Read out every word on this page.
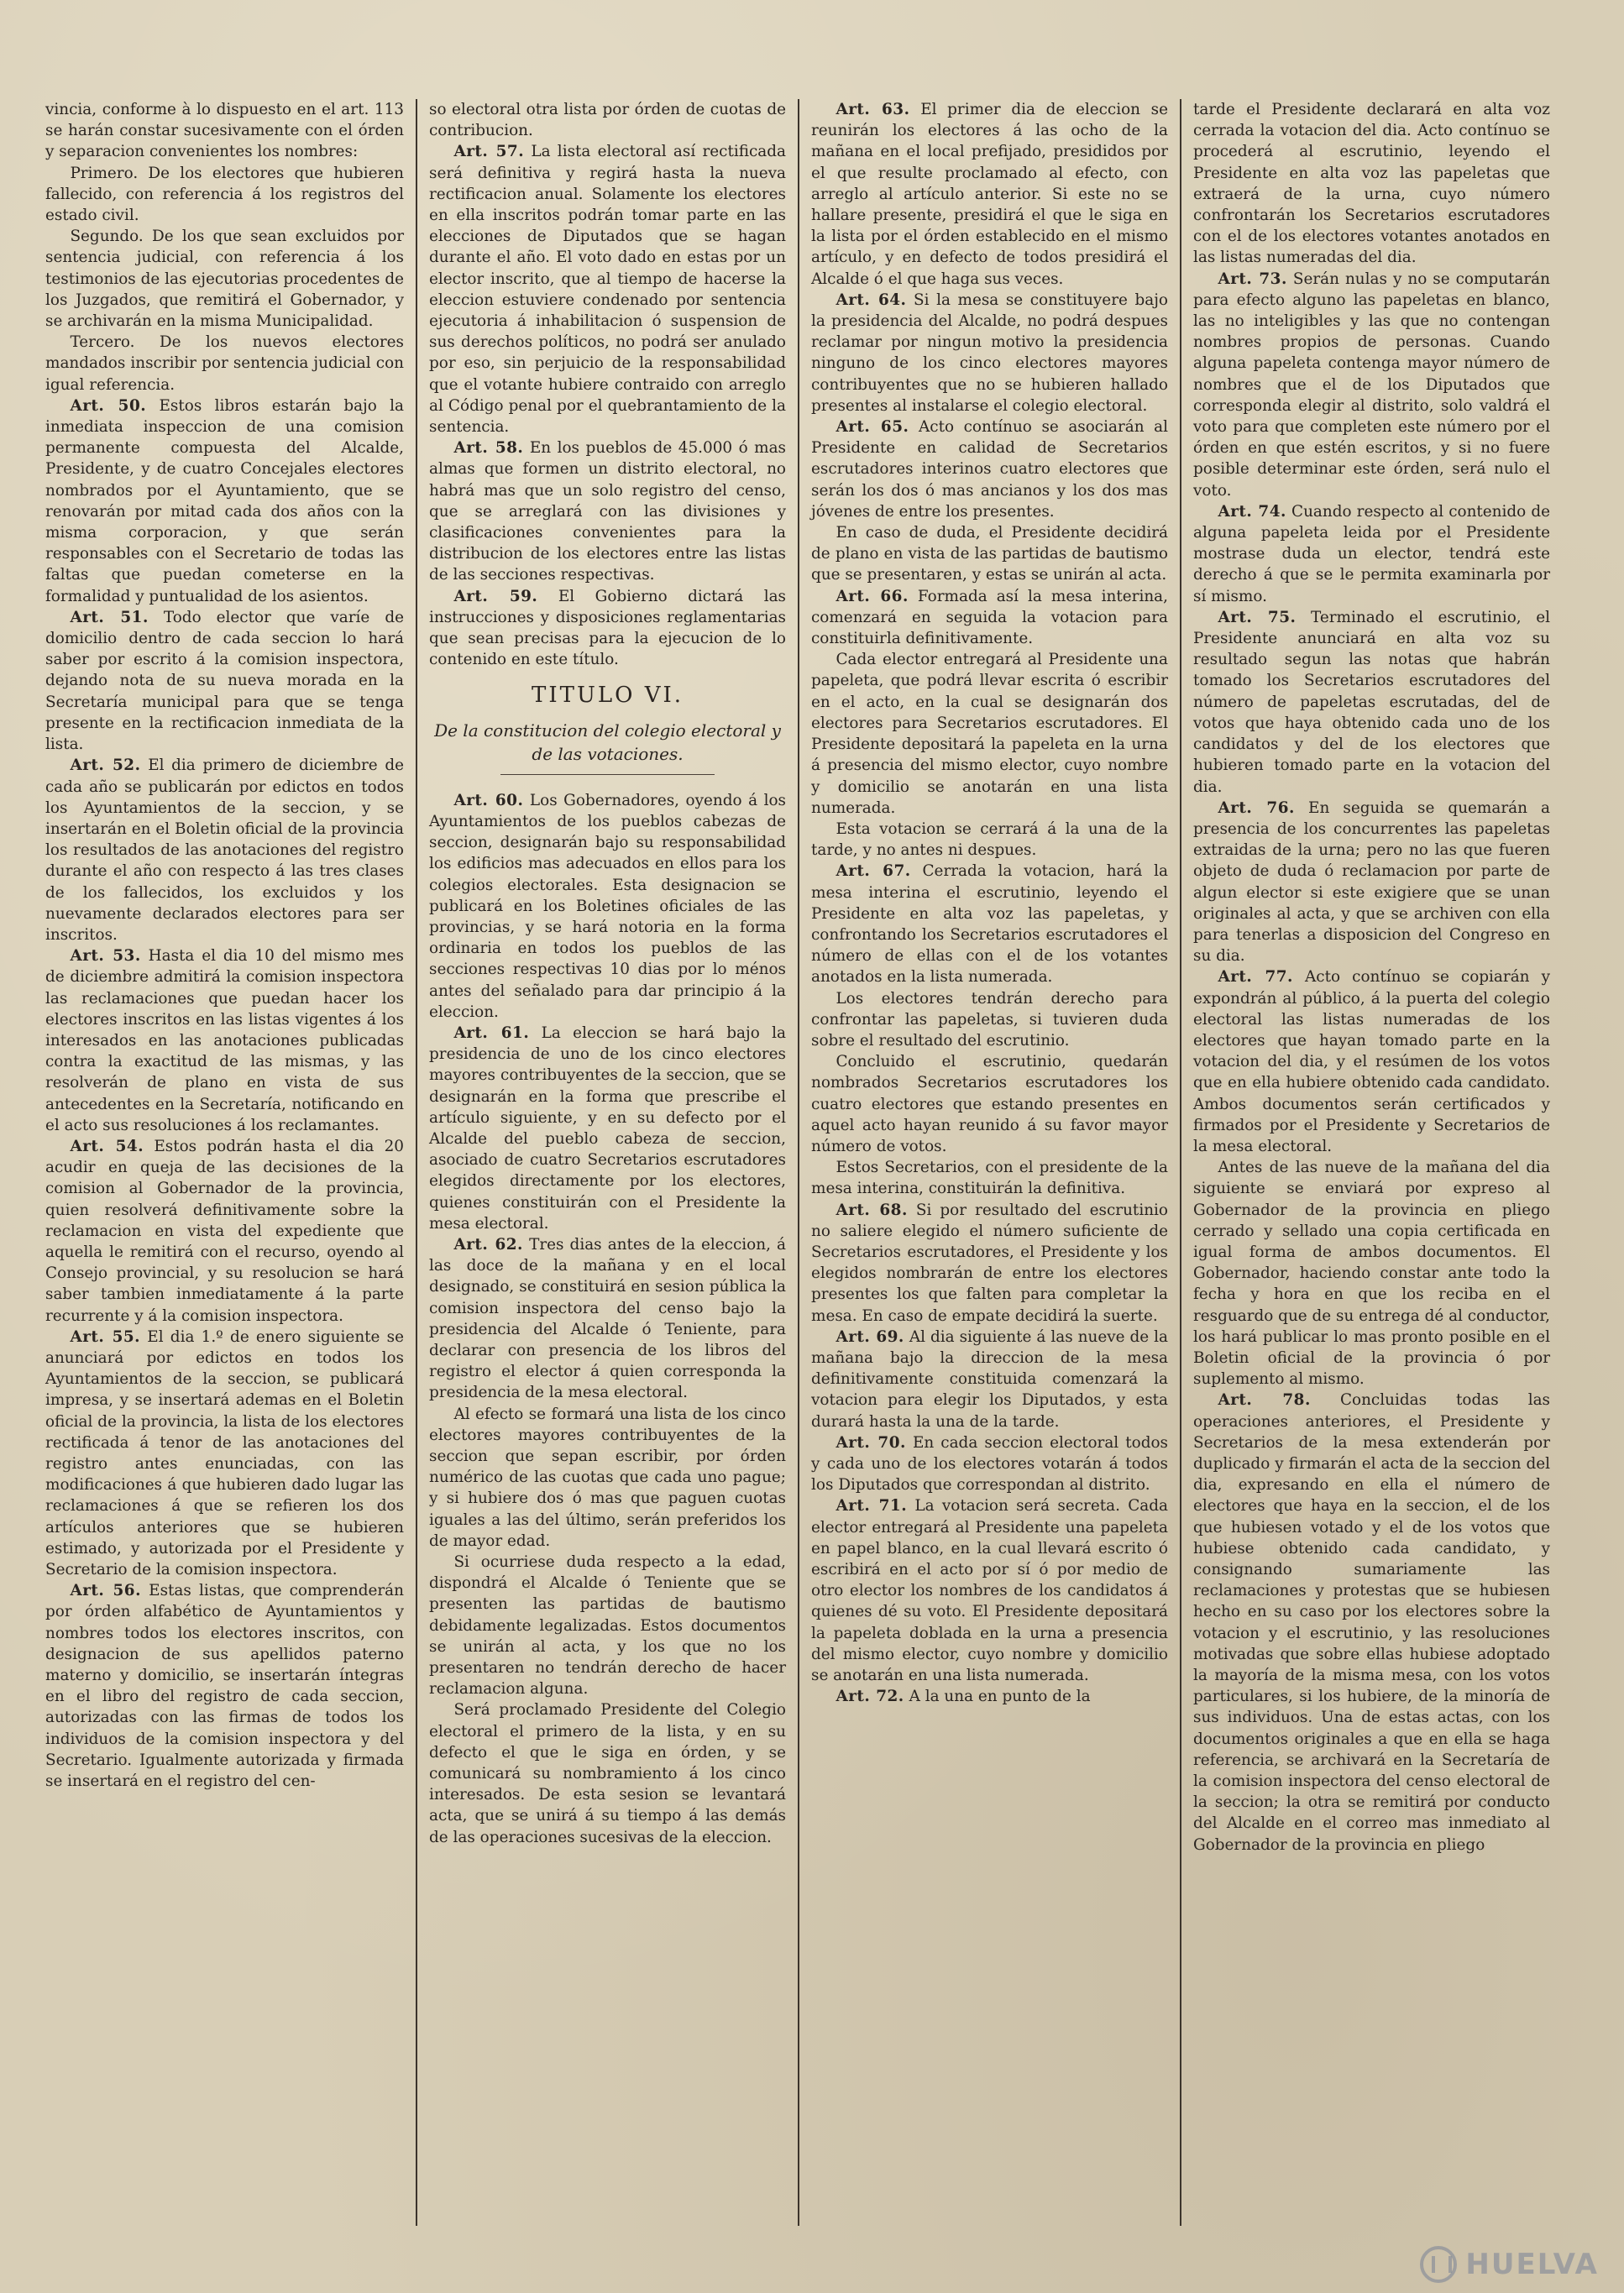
vincia, conforme à lo dispuesto en el art. 113 se harán constar sucesivamente con el órden y separacion convenientes los nombres:

Primero. De los electores que hubieren fallecido, con referencia á los registros del estado civil.

Segundo. De los que sean excluidos por sentencia judicial, con referencia á los testimonios de las ejecutorias procedentes de los Juzgados, que remitirá el Gobernador, y se archivarán en la misma Municipalidad.

Tercero. De los nuevos electores mandados inscribir por sentencia judicial con igual referencia.

Art. 50. Estos libros estarán bajo la inmediata inspeccion de una comision permanente compuesta del Alcalde, Presidente, y de cuatro Concejales electores nombrados por el Ayuntamiento, que se renovarán por mitad cada dos años con la misma corporacion, y que serán responsables con el Secretario de todas las faltas que puedan cometerse en la formalidad y puntualidad de los asientos.

Art. 51. Todo elector que varíe de domicilio dentro de cada seccion lo hará saber por escrito á la comision inspectora, dejando nota de su nueva morada en la Secretaría municipal para que se tenga presente en la rectificacion inmediata de la lista.

Art. 52. El dia primero de diciembre de cada año se publicarán por edictos en todos los Ayuntamientos de la seccion, y se insertarán en el Boletin oficial de la provincia los resultados de las anotaciones del registro durante el año con respecto á las tres clases de los fallecidos, los excluidos y los nuevamente declarados electores para ser inscritos.

Art. 53. Hasta el dia 10 del mismo mes de diciembre admitirá la comision inspectora las reclamaciones que puedan hacer los electores inscritos en las listas vigentes á los interesados en las anotaciones publicadas contra la exactitud de las mismas, y las resolverán de plano en vista de sus antecedentes en la Secretaría, notificando en el acto sus resoluciones á los reclamantes.

Art. 54. Estos podrán hasta el dia 20 acudir en queja de las decisiones de la comision al Gobernador de la provincia, quien resolverá definitivamente sobre la reclamacion en vista del expediente que aquella le remitirá con el recurso, oyendo al Consejo provincial, y su resolucion se hará saber tambien inmediatamente á la parte recurrente y á la comision inspectora.

Art. 55. El dia 1.º de enero siguiente se anunciará por edictos en todos los Ayuntamientos de la seccion, se publicará impresa, y se insertará ademas en el Boletin oficial de la provincia, la lista de los electores rectificada á tenor de las anotaciones del registro antes enunciadas, con las modificaciones á que hubieren dado lugar las reclamaciones á que se refieren los dos artículos anteriores que se hubieren estimado, y autorizada por el Presidente y Secretario de la comision inspectora.

Art. 56. Estas listas, que comprenderán por órden alfabético de Ayuntamientos y nombres todos los electores inscritos, con designacion de sus apellidos paterno materno y domicilio, se insertarán íntegras en el libro del registro de cada seccion, autorizadas con las firmas de todos los individuos de la comision inspectora y del Secretario. Igualmente autorizada y firmada se insertará en el registro del cen-

so electoral otra lista por órden de cuotas de contribucion.

Art. 57. La lista electoral así rectificada será definitiva y regirá hasta la nueva rectificacion anual. Solamente los electores en ella inscritos podrán tomar parte en las elecciones de Diputados que se hagan durante el año. El voto dado en estas por un elector inscrito, que al tiempo de hacerse la eleccion estuviere condenado por sentencia ejecutoria á inhabilitacion ó suspension de sus derechos políticos, no podrá ser anulado por eso, sin perjuicio de la responsabilidad que el votante hubiere contraido con arreglo al Código penal por el quebrantamiento de la sentencia.

Art. 58. En los pueblos de 45.000 ó mas almas que formen un distrito electoral, no habrá mas que un solo registro del censo, que se arreglará con las divisiones y clasificaciones convenientes para la distribucion de los electores entre las listas de las secciones respectivas.

Art. 59. El Gobierno dictará las instrucciones y disposiciones reglamentarias que sean precisas para la ejecucion de lo contenido en este título.

TITULO VI.
De la constitucion del colegio electoral y de las votaciones.

Art. 60. Los Gobernadores, oyendo á los Ayuntamientos de los pueblos cabezas de seccion, designarán bajo su responsabilidad los edificios mas adecuados en ellos para los colegios electorales. Esta designacion se publicará en los Boletines oficiales de las provincias, y se hará notoria en la forma ordinaria en todos los pueblos de las secciones respectivas 10 dias por lo ménos antes del señalado para dar principio á la eleccion.

Art. 61. La eleccion se hará bajo la presidencia de uno de los cinco electores mayores contribuyentes de la seccion, que se designarán en la forma que prescribe el artículo siguiente, y en su defecto por el Alcalde del pueblo cabeza de seccion, asociado de cuatro Secretarios escrutadores elegidos directamente por los electores, quienes constituirán con el Presidente la mesa electoral.

Art. 62. Tres dias antes de la eleccion, á las doce de la mañana y en el local designado, se constituirá en sesion pública la comision inspectora del censo bajo la presidencia del Alcalde ó Teniente, para declarar con presencia de los libros del registro el elector á quien corresponda la presidencia de la mesa electoral.

Al efecto se formará una lista de los cinco electores mayores contribuyentes de la seccion que sepan escribir, por órden numérico de las cuotas que cada uno pague; y si hubiere dos ó mas que paguen cuotas iguales a las del último, serán preferidos los de mayor edad.

Si ocurriese duda respecto a la edad, dispondrá el Alcalde ó Teniente que se presenten las partidas de bautismo debidamente legalizadas. Estos documentos se unirán al acta, y los que no los presentaren no tendrán derecho de hacer reclamacion alguna.

Será proclamado Presidente del Colegio electoral el primero de la lista, y en su defecto el que le siga en órden, y se comunicará su nombramiento á los cinco interesados. De esta sesion se levantará acta, que se unirá á su tiempo á las demás de las operaciones sucesivas de la eleccion.

Art. 63. El primer dia de eleccion se reunirán los electores á las ocho de la mañana en el local prefijado, presididos por el que resulte proclamado al efecto, con arreglo al artículo anterior. Si este no se hallare presente, presidirá el que le siga en la lista por el órden establecido en el mismo artículo, y en defecto de todos presidirá el Alcalde ó el que haga sus veces.

Art. 64. Si la mesa se constituyere bajo la presidencia del Alcalde, no podrá despues reclamar por ningun motivo la presidencia ninguno de los cinco electores mayores contribuyentes que no se hubieren hallado presentes al instalarse el colegio electoral.

Art. 65. Acto contínuo se asociarán al Presidente en calidad de Secretarios escrutadores interinos cuatro electores que serán los dos ó mas ancianos y los dos mas jóvenes de entre los presentes.

En caso de duda, el Presidente decidirá de plano en vista de las partidas de bautismo que se presentaren, y estas se unirán al acta.

Art. 66. Formada así la mesa interina, comenzará en seguida la votacion para constituirla definitivamente.

Cada elector entregará al Presidente una papeleta, que podrá llevar escrita ó escribir en el acto, en la cual se designarán dos electores para Secretarios escrutadores. El Presidente depositará la papeleta en la urna á presencia del mismo elector, cuyo nombre y domicilio se anotarán en una lista numerada.

Esta votacion se cerrará á la una de la tarde, y no antes ni despues.

Art. 67. Cerrada la votacion, hará la mesa interina el escrutinio, leyendo el Presidente en alta voz las papeletas, y confrontando los Secretarios escrutadores el número de ellas con el de los votantes anotados en la lista numerada.

Los electores tendrán derecho para confrontar las papeletas, si tuvieren duda sobre el resultado del escrutinio.

Concluido el escrutinio, quedarán nombrados Secretarios escrutadores los cuatro electores que estando presentes en aquel acto hayan reunido á su favor mayor número de votos.

Estos Secretarios, con el presidente de la mesa interina, constituirán la definitiva.

Art. 68. Si por resultado del escrutinio no saliere elegido el número suficiente de Secretarios escrutadores, el Presidente y los elegidos nombrarán de entre los electores presentes los que falten para completar la mesa. En caso de empate decidirá la suerte.

Art. 69. Al dia siguiente á las nueve de la mañana bajo la direccion de la mesa definitivamente constituida comenzará la votacion para elegir los Diputados, y esta durará hasta la una de la tarde.

Art. 70. En cada seccion electoral todos y cada uno de los electores votarán á todos los Diputados que correspondan al distrito.

Art. 71. La votacion será secreta. Cada elector entregará al Presidente una papeleta en papel blanco, en la cual llevará escrito ó escribirá en el acto por sí ó por medio de otro elector los nombres de los candidatos á quienes dé su voto. El Presidente depositará la papeleta doblada en la urna a presencia del mismo elector, cuyo nombre y domicilio se anotarán en una lista numerada.

Art. 72. A la una en punto de la

tarde el Presidente declarará en alta voz cerrada la votacion del dia. Acto contínuo se procederá al escrutinio, leyendo el Presidente en alta voz las papeletas que extraerá de la urna, cuyo número confrontarán los Secretarios escrutadores con el de los electores votantes anotados en las listas numeradas del dia.

Art. 73. Serán nulas y no se computarán para efecto alguno las papeletas en blanco, las no inteligibles y las que no contengan nombres propios de personas. Cuando alguna papeleta contenga mayor número de nombres que el de los Diputados que corresponda elegir al distrito, solo valdrá el voto para que completen este número por el órden en que estén escritos, y si no fuere posible determinar este órden, será nulo el voto.

Art. 74. Cuando respecto al contenido de alguna papeleta leida por el Presidente mostrase duda un elector, tendrá este derecho á que se le permita examinarla por sí mismo.

Art. 75. Terminado el escrutinio, el Presidente anunciará en alta voz su resultado segun las notas que habrán tomado los Secretarios escrutadores del número de papeletas escrutadas, del de votos que haya obtenido cada uno de los candidatos y del de los electores que hubieren tomado parte en la votacion del dia.

Art. 76. En seguida se quemarán a presencia de los concurrentes las papeletas extraidas de la urna; pero no las que fueren objeto de duda ó reclamacion por parte de algun elector si este exigiere que se unan originales al acta, y que se archiven con ella para tenerlas a disposicion del Congreso en su dia.

Art. 77. Acto contínuo se copiarán y expondrán al público, á la puerta del colegio electoral las listas numeradas de los electores que hayan tomado parte en la votacion del dia, y el resúmen de los votos que en ella hubiere obtenido cada candidato. Ambos documentos serán certificados y firmados por el Presidente y Secretarios de la mesa electoral.

Antes de las nueve de la mañana del dia siguiente se enviará por expreso al Gobernador de la provincia en pliego cerrado y sellado una copia certificada en igual forma de ambos documentos. El Gobernador, haciendo constar ante todo la fecha y hora en que los reciba en el resguardo que de su entrega dé al conductor, los hará publicar lo mas pronto posible en el Boletin oficial de la provincia ó por suplemento al mismo.

Art. 78. Concluidas todas las operaciones anteriores, el Presidente y Secretarios de la mesa extenderán por duplicado y firmarán el acta de la seccion del dia, expresando en ella el número de electores que haya en la seccion, el de los que hubiesen votado y el de los votos que hubiese obtenido cada candidato, y consignando sumariamente las reclamaciones y protestas que se hubiesen hecho en su caso por los electores sobre la votacion y el escrutinio, y las resoluciones motivadas que sobre ellas hubiese adoptado la mayoría de la misma mesa, con los votos particulares, si los hubiere, de la minoría de sus individuos. Una de estas actas, con los documentos originales a que en ella se haga referencia, se archivará en la Secretaría de la comision inspectora del censo electoral de la seccion; la otra se remitirá por conducto del Alcalde en el correo mas inmediato al Gobernador de la provincia en pliego

HUELVA
